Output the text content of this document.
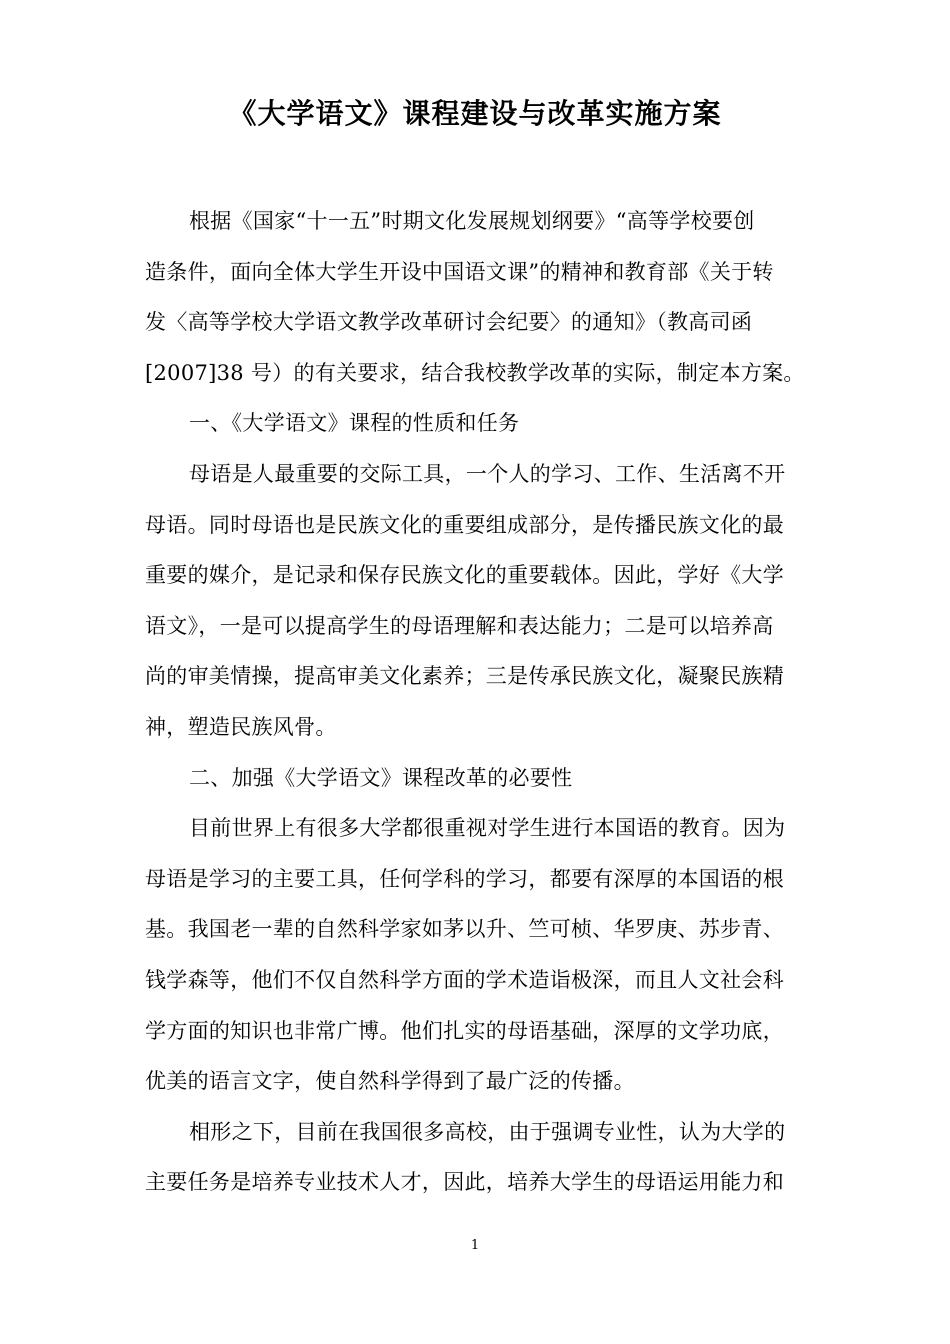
《大学语文》课程建设与改革实施方案
根据《国家“十一五”时期文化发展规划纲要》“高等学校要创
造条件，面向全体大学生开设中国语文课”的精神和教育部《关于转
发〈高等学校大学语文教学改革研讨会纪要〉的通知》（教高司函
[2007]38 号）的有关要求，结合我校教学改革的实际，制定本方案。
一、《大学语文》课程的性质和任务
母语是人最重要的交际工具，一个人的学习、工作、生活离不开
母语。同时母语也是民族文化的重要组成部分，是传播民族文化的最
重要的媒介，是记录和保存民族文化的重要载体。因此，学好《大学
语文》，一是可以提高学生的母语理解和表达能力；二是可以培养高
尚的审美情操，提高审美文化素养；三是传承民族文化，凝聚民族精
神，塑造民族风骨。
二、加强《大学语文》课程改革的必要性
目前世界上有很多大学都很重视对学生进行本国语的教育。因为
母语是学习的主要工具，任何学科的学习，都要有深厚的本国语的根
基。我国老一辈的自然科学家如茅以升、竺可桢、华罗庚、苏步青、
钱学森等，他们不仅自然科学方面的学术造诣极深，而且人文社会科
学方面的知识也非常广博。他们扎实的母语基础，深厚的文学功底，
优美的语言文字，使自然科学得到了最广泛的传播。
相形之下，目前在我国很多高校，由于强调专业性，认为大学的
主要任务是培养专业技术人才，因此，培养大学生的母语运用能力和
1
